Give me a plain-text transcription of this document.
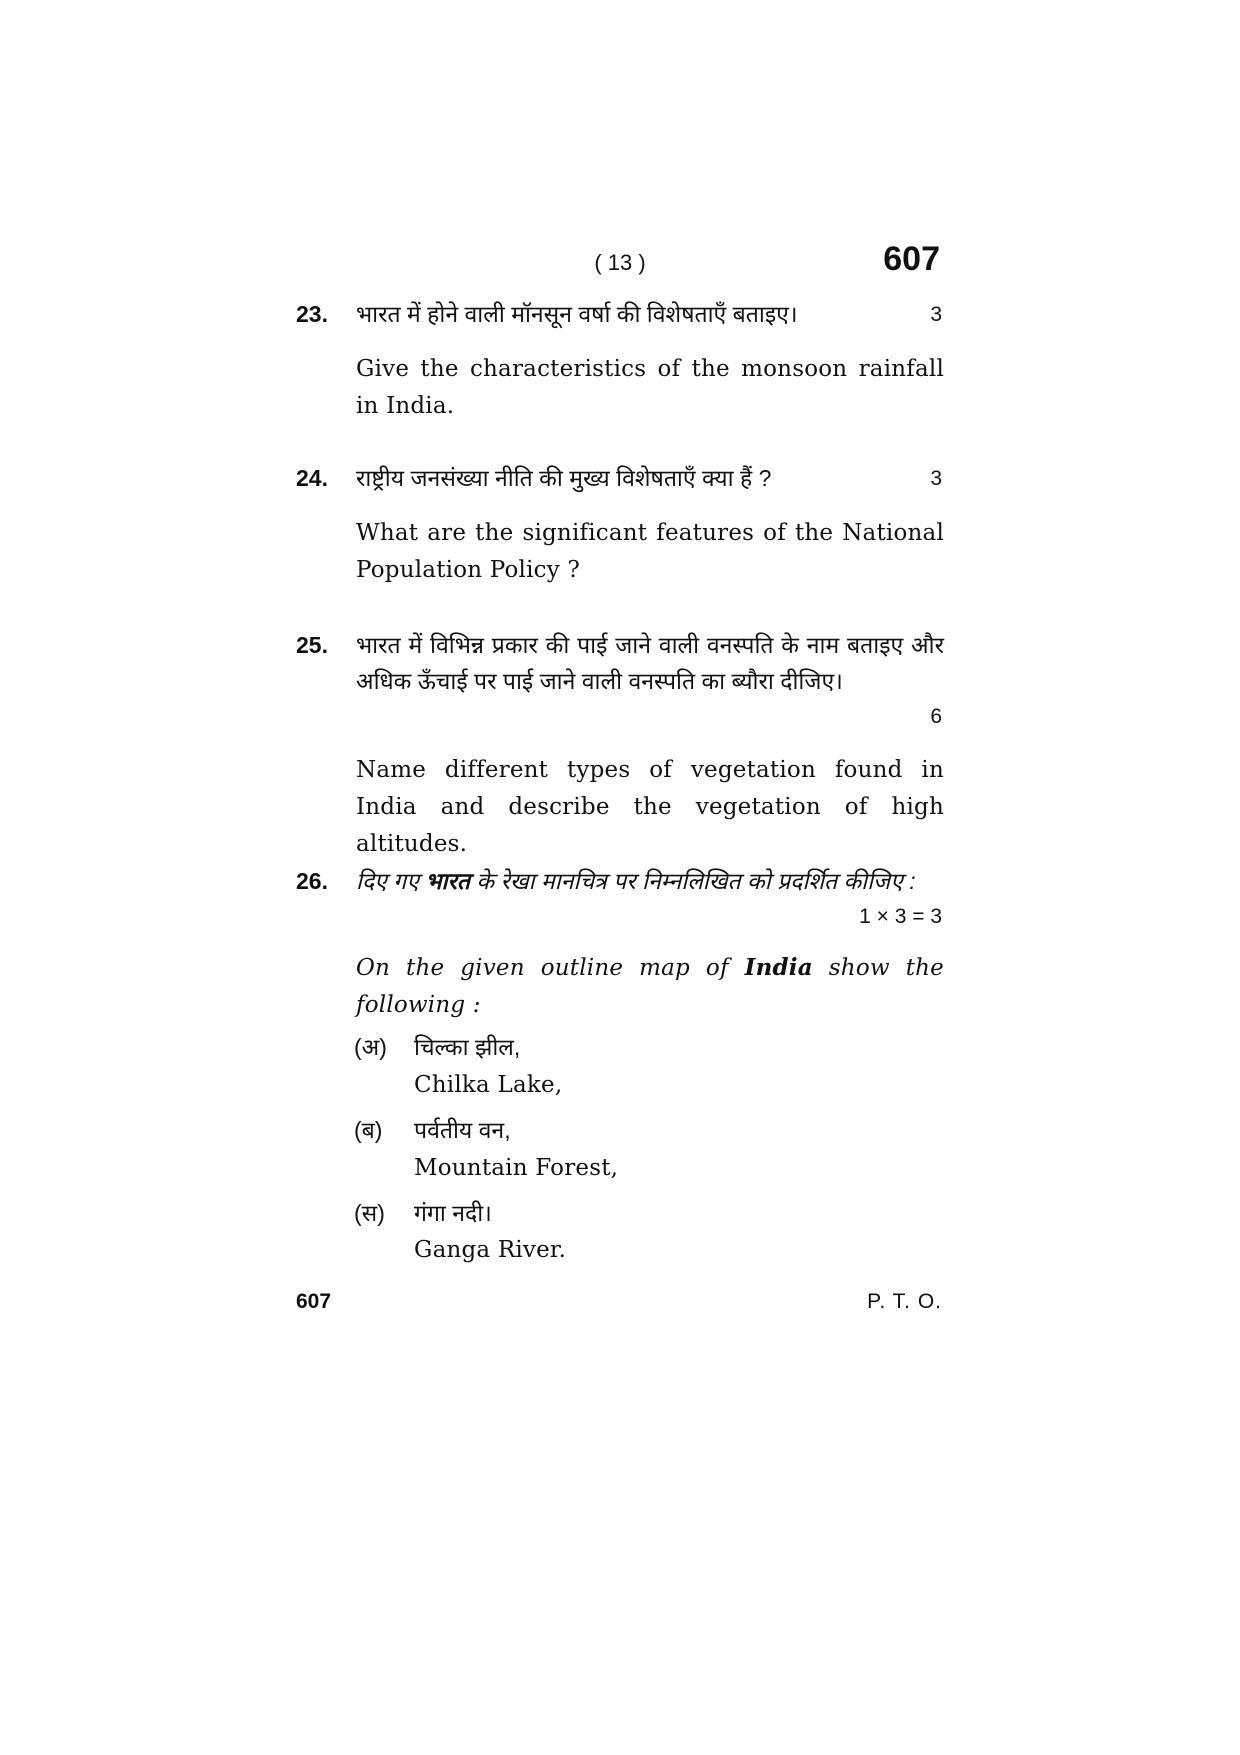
( 13 )	607
23. भारत में होने वाली मॉनसून वर्षा की विशेषताएँ बताइए।	3
Give the characteristics of the monsoon rainfall in India.
24. राष्ट्रीय जनसंख्या नीति की मुख्य विशेषताएँ क्या हैं ?	3
What are the significant features of the National Population Policy ?
25. भारत में विभिन्न प्रकार की पाई जाने वाली वनस्पति के नाम बताइए और अधिक ऊँचाई पर पाई जाने वाली वनस्पति का ब्यौरा दीजिए।
6
Name different types of vegetation found in India and describe the vegetation of high altitudes.
26. दिए गए भारत के रेखा मानचित्र पर निम्नलिखित को प्रदर्शित कीजिए :
1 × 3 = 3
On the given outline map of India show the following :
(अ) चिल्का झील,
Chilka Lake,
(ब) पर्वतीय वन,
Mountain Forest,
(स) गंगा नदी।
Ganga River.
607	P. T. O.
